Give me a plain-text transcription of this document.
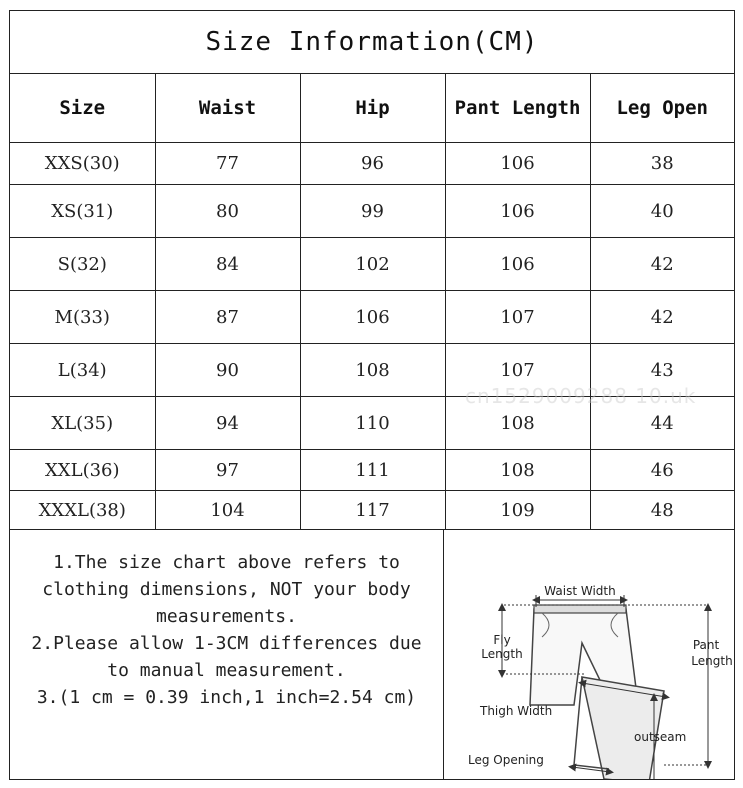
Size Information(CM)
Size	Waist	Hip	Pant Length	Leg Open
XXS(30)	77	96	106	38
XS(31)	80	99	106	40
S(32)	84	102	106	42
M(33)	87	106	107	42
L(34)	90	108	107	43
XL(35)	94	110	108	44
XXL(36)	97	111	108	46
XXXL(38)	104	117	109	48
1.The size chart above refers to
clothing dimensions, NOT your body
measurements.
2.Please allow 1-3CM differences due
to manual measurement.
3.(1 cm = 0.39 inch,1 inch=2.54 cm)
Waist Width
Fly
Length
Pant
Length
Thigh Width
outseam
Leg Opening
cn1529009288 10.uk
